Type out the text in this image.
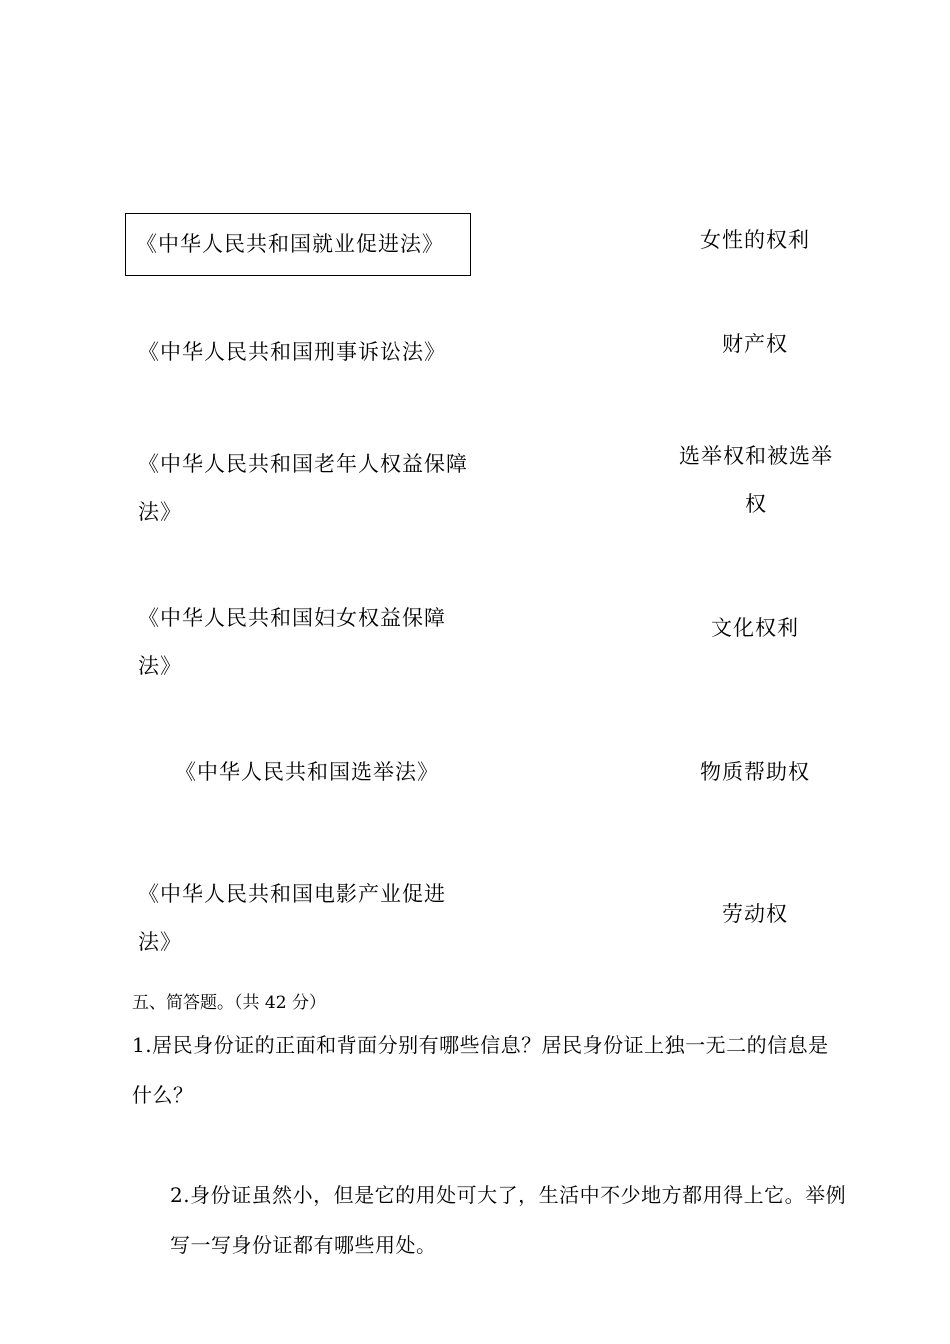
《中华人民共和国就业促进法》
《中华人民共和国刑事诉讼法》
《中华人民共和国老年人权益保障法》
《中华人民共和国妇女权益保障法》
《中华人民共和国选举法》
《中华人民共和国电影产业促进法》
女性的权利
财产权
选举权和被选举权
文化权利
物质帮助权
劳动权
五、简答题。（共 42 分）
1.居民身份证的正面和背面分别有哪些信息？居民身份证上独一无二的信息是什么？
2.身份证虽然小，但是它的用处可大了，生活中不少地方都用得上它。举例写一写身份证都有哪些用处。
